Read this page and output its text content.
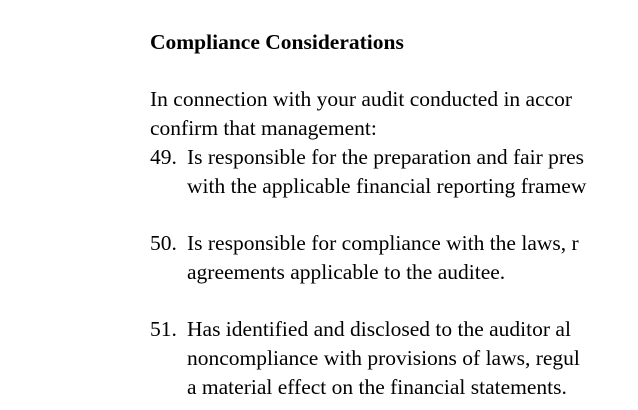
Compliance Considerations
In connection with your audit conducted in accor
confirm that management:
49. Is responsible for the preparation and fair pres
with the applicable financial reporting framew
50. Is responsible for compliance with the laws, r
agreements applicable to the auditee.
51. Has identified and disclosed to the auditor al
noncompliance with provisions of laws, regul
a material effect on the financial statements.
